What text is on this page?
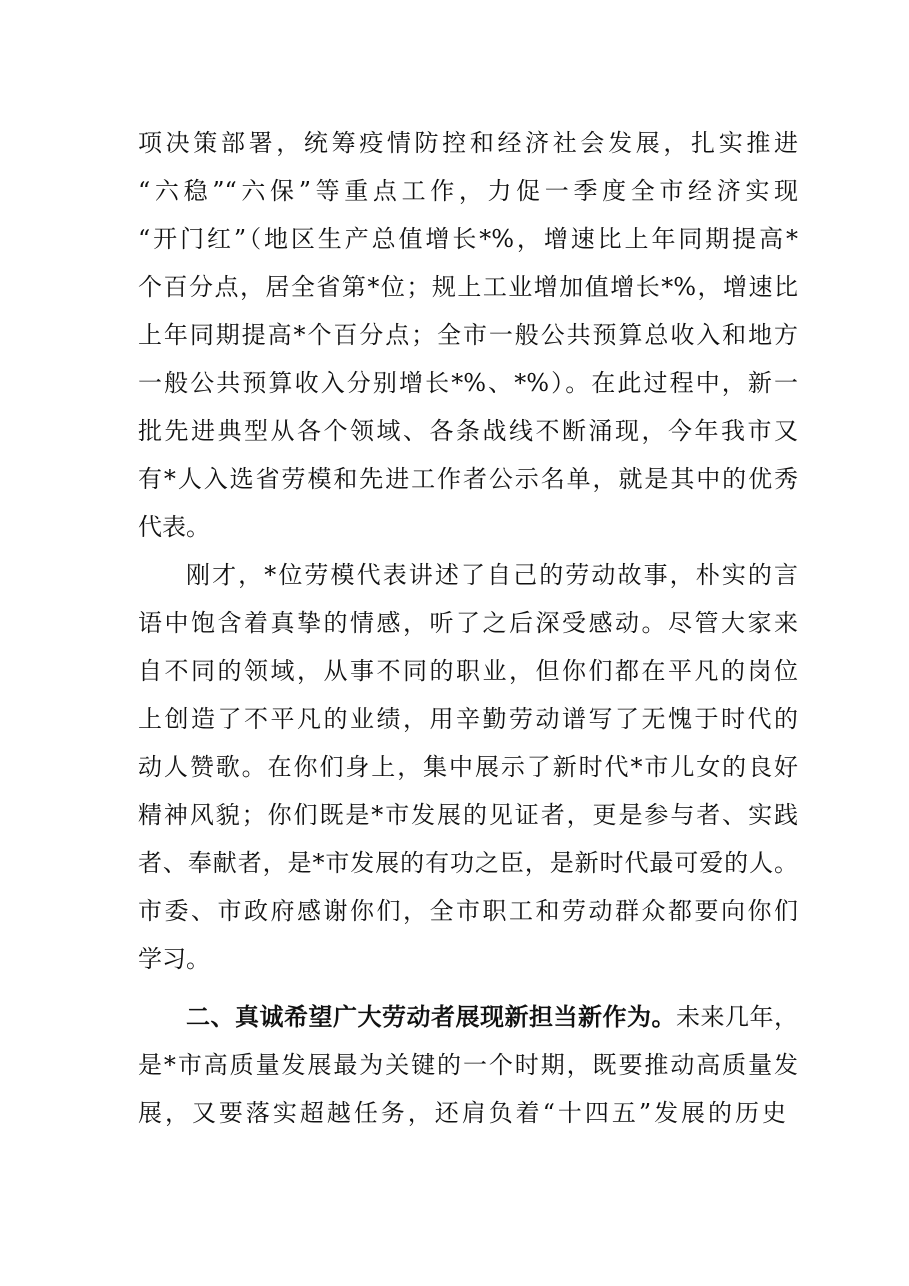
项决策部署，统筹疫情防控和经济社会发展，扎实推进
“六稳”“六保”等重点工作，力促一季度全市经济实现
“开门红”（地区生产总值增长*%，增速比上年同期提高*
个百分点，居全省第*位；规上工业增加值增长*%，增速比
上年同期提高*个百分点；全市一般公共预算总收入和地方
一般公共预算收入分别增长*%、*%）。在此过程中，新一
批先进典型从各个领域、各条战线不断涌现，今年我市又
有*人入选省劳模和先进工作者公示名单，就是其中的优秀
代表。
刚才，*位劳模代表讲述了自己的劳动故事，朴实的言
语中饱含着真挚的情感，听了之后深受感动。尽管大家来
自不同的领域，从事不同的职业，但你们都在平凡的岗位
上创造了不平凡的业绩，用辛勤劳动谱写了无愧于时代的
动人赞歌。在你们身上，集中展示了新时代*市儿女的良好
精神风貌；你们既是*市发展的见证者，更是参与者、实践
者、奉献者，是*市发展的有功之臣，是新时代最可爱的人。
市委、市政府感谢你们，全市职工和劳动群众都要向你们
学习。
二、真诚希望广大劳动者展现新担当新作为。未来几年，
是*市高质量发展最为关键的一个时期，既要推动高质量发
展，又要落实超越任务，还肩负着“十四五”发展的历史
